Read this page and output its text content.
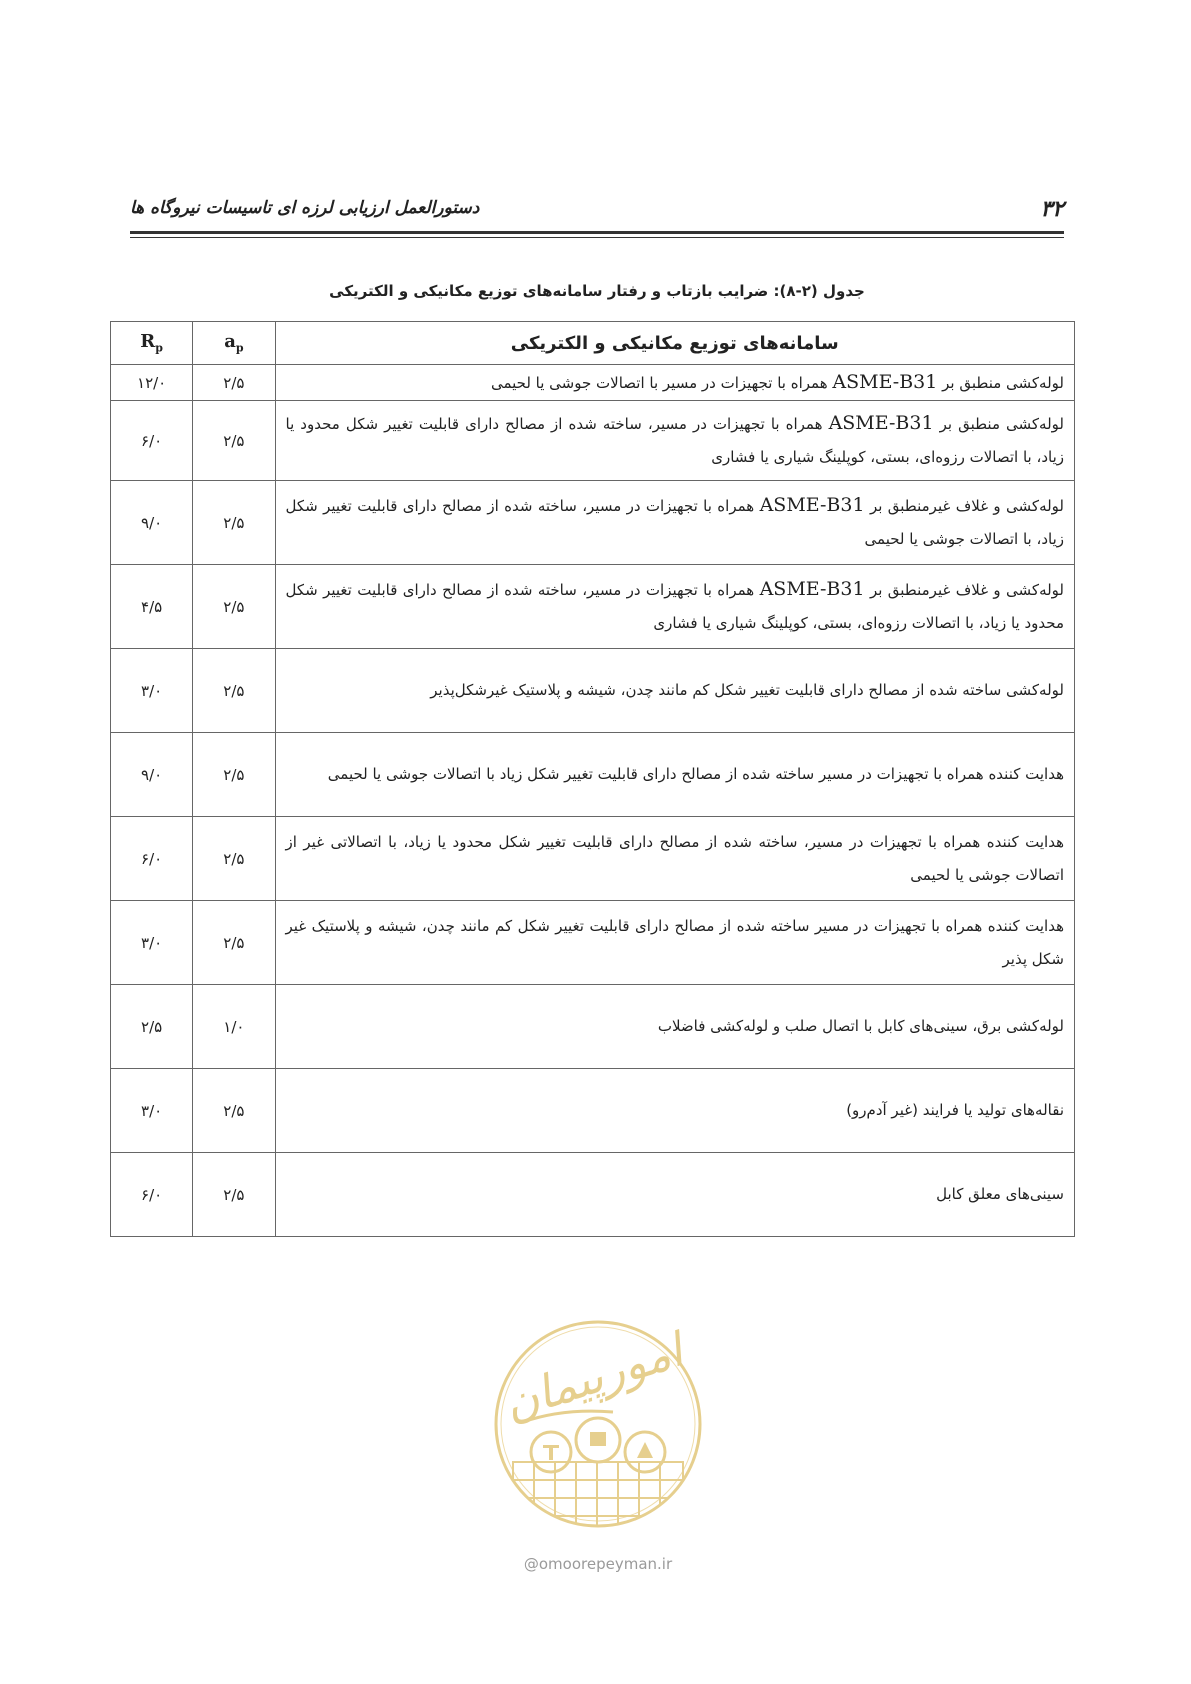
۳۲
دستورالعمل ارزیابی لرزه ای تاسیسات نیروگاه ها
جدول (۲-۸): ضرایب بازتاب و رفتار سامانه‌های توزیع مکانیکی و الکتریکی
سامانه‌های توزیع مکانیکی و الکتریکی	$a_p$	$R_p$
لوله‌کشی منطبق بر ASME-B31 همراه با تجهیزات در مسیر با اتصالات جوشی یا لحیمی	۲/۵	۱۲/۰
لوله‌کشی منطبق بر ASME-B31 همراه با تجهیزات در مسیر، ساخته شده از مصالح دارای قابلیت تغییر شکل محدود یا زیاد، با اتصالات رزوه‌ای، بستی، کوپلینگ شیاری یا فشاری	۲/۵	۶/۰
لوله‌کشی و غلاف غیرمنطبق بر ASME-B31 همراه با تجهیزات در مسیر، ساخته شده از مصالح دارای قابلیت تغییر شکل زیاد، با اتصالات جوشی یا لحیمی	۲/۵	۹/۰
لوله‌کشی و غلاف غیرمنطبق بر ASME-B31 همراه با تجهیزات در مسیر، ساخته شده از مصالح دارای قابلیت تغییر شکل محدود یا زیاد، با اتصالات رزوه‌ای، بستی، کوپلینگ شیاری یا فشاری	۲/۵	۴/۵
لوله‌کشی ساخته شده از مصالح دارای قابلیت تغییر شکل کم مانند چدن، شیشه و پلاستیک غیرشکل‌پذیر	۲/۵	۳/۰
هدایت کننده همراه با تجهیزات در مسیر ساخته شده از مصالح دارای قابلیت تغییر شکل زیاد با اتصالات جوشی یا لحیمی	۲/۵	۹/۰
هدایت کننده همراه با تجهیزات در مسیر، ساخته شده از مصالح دارای قابلیت تغییر شکل محدود یا زیاد، با اتصالاتی غیر از اتصالات جوشی یا لحیمی	۲/۵	۶/۰
هدایت کننده همراه با تجهیزات در مسیر ساخته شده از مصالح دارای قابلیت تغییر شکل کم مانند چدن، شیشه و پلاستیک غیر شکل پذیر	۲/۵	۳/۰
لوله‌کشی برق، سینی‌های کابل با اتصال صلب و لوله‌کشی فاضلاب	۱/۰	۲/۵
نقاله‌های تولید یا فرایند (غیر آدم‌رو)	۲/۵	۳/۰
سینی‌های معلق کابل	۲/۵	۶/۰
امورپیمان
@omoorepeyman.ir
